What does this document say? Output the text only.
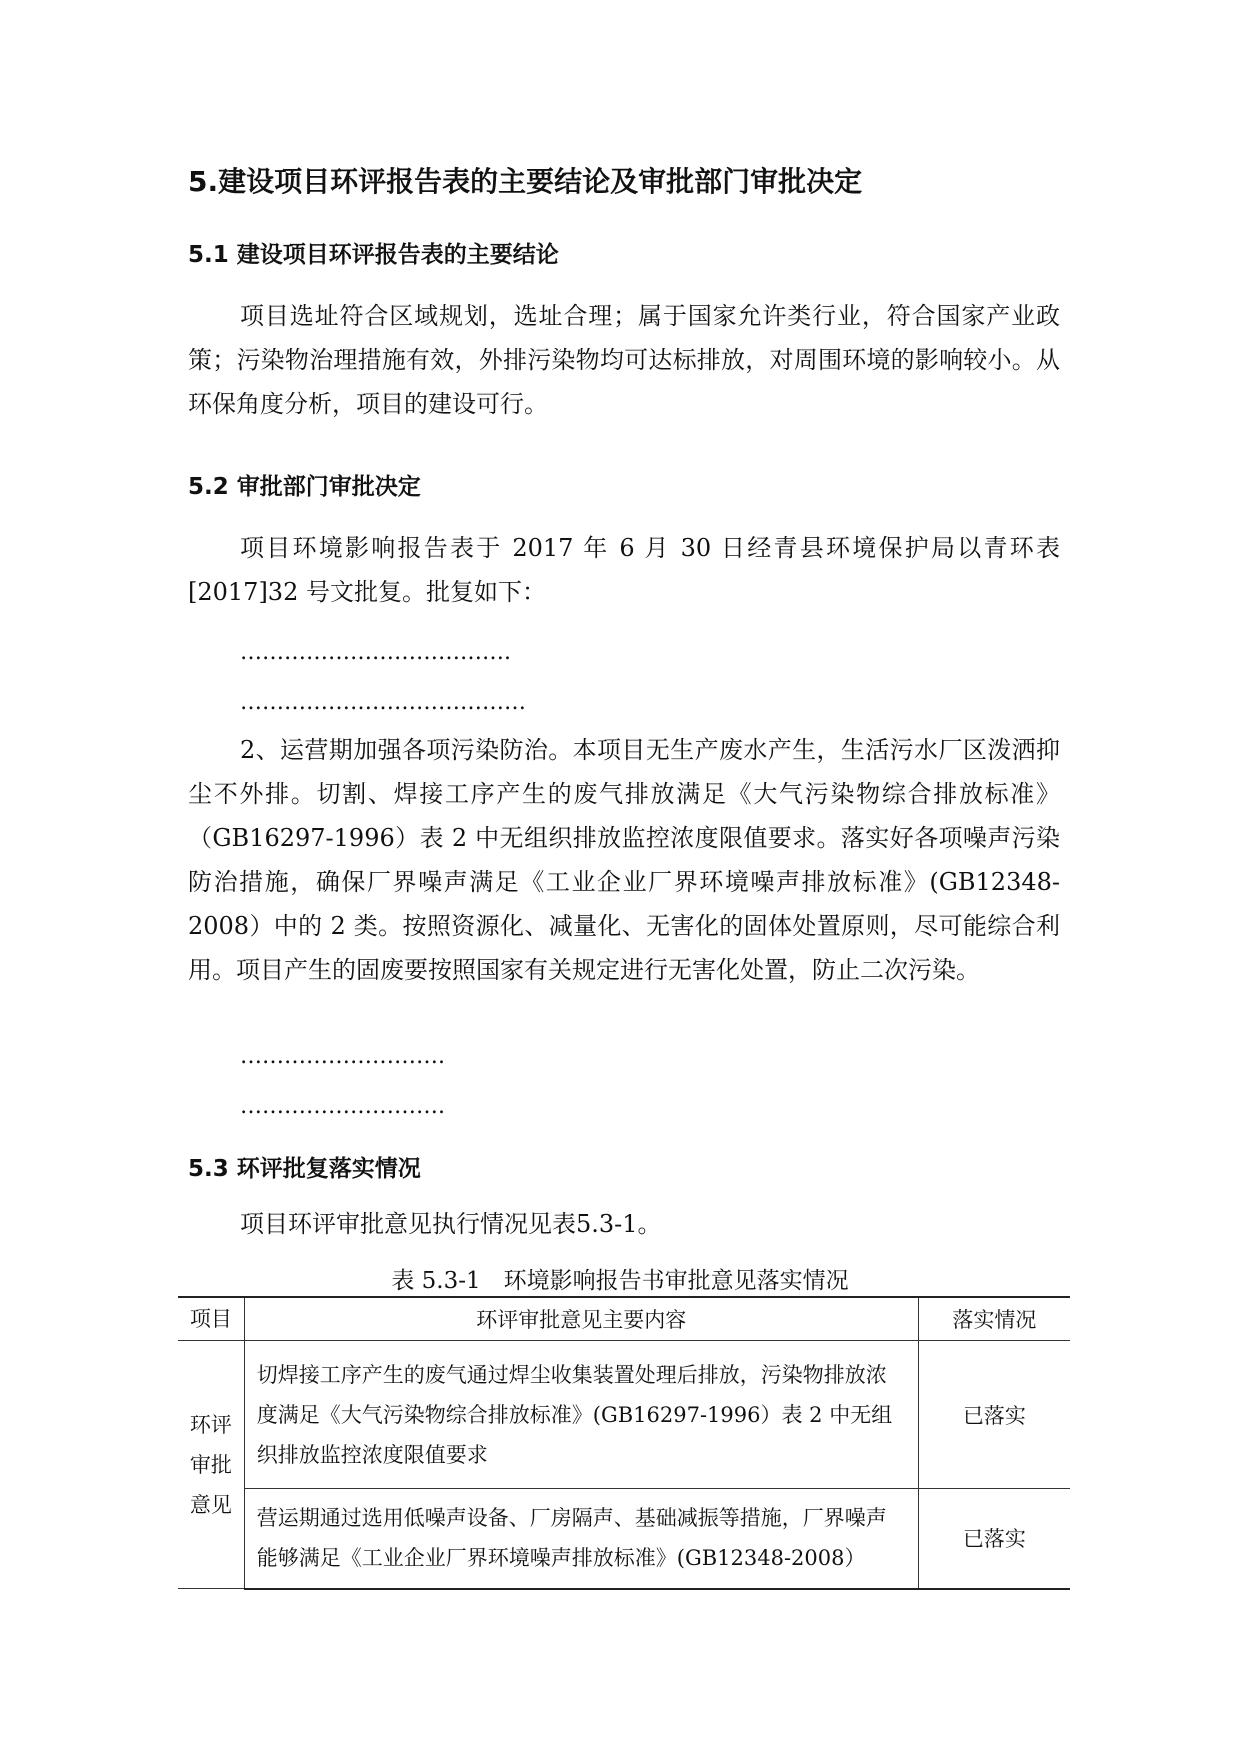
5.建设项目环评报告表的主要结论及审批部门审批决定
5.1 建设项目环评报告表的主要结论

项目选址符合区域规划，选址合理；属于国家允许类行业，符合国家产业政策；污染物治理措施有效，外排污染物均可达标排放，对周围环境的影响较小。从环保角度分析，项目的建设可行。

5.2 审批部门审批决定

项目环境影响报告表于 2017 年 6 月 30 日经青县环境保护局以青环表[2017]32 号文批复。批复如下：

……………………………….
…………………………………

2、运营期加强各项污染防治。本项目无生产废水产生，生活污水厂区泼洒抑尘不外排。切割、焊接工序产生的废气排放满足《大气污染物综合排放标准》（GB16297-1996）表 2 中无组织排放监控浓度限值要求。落实好各项噪声污染防治措施，确保厂界噪声满足《工业企业厂界环境噪声排放标准》(GB12348-2008）中的 2 类。按照资源化、减量化、无害化的固体处置原则，尽可能综合利用。项目产生的固废要按照国家有关规定进行无害化处置，防止二次污染。

……………………….
……………………….
5.3 环评批复落实情况

项目环评审批意见执行情况见表5.3-1。

表 5.3-1　环境影响报告书审批意见落实情况
项目	环评审批意见主要内容	落实情况

环评
审批
意见	切焊接工序产生的废气通过焊尘收集装置处理后排放，污染物排放浓度满足《大气污染物综合排放标准》(GB16297-1996）表 2 中无组织排放监控浓度限值要求	已落实
	营运期通过选用低噪声设备、厂房隔声、基础减振等措施，厂界噪声能够满足《工业企业厂界环境噪声排放标准》(GB12348-2008）	已落实
